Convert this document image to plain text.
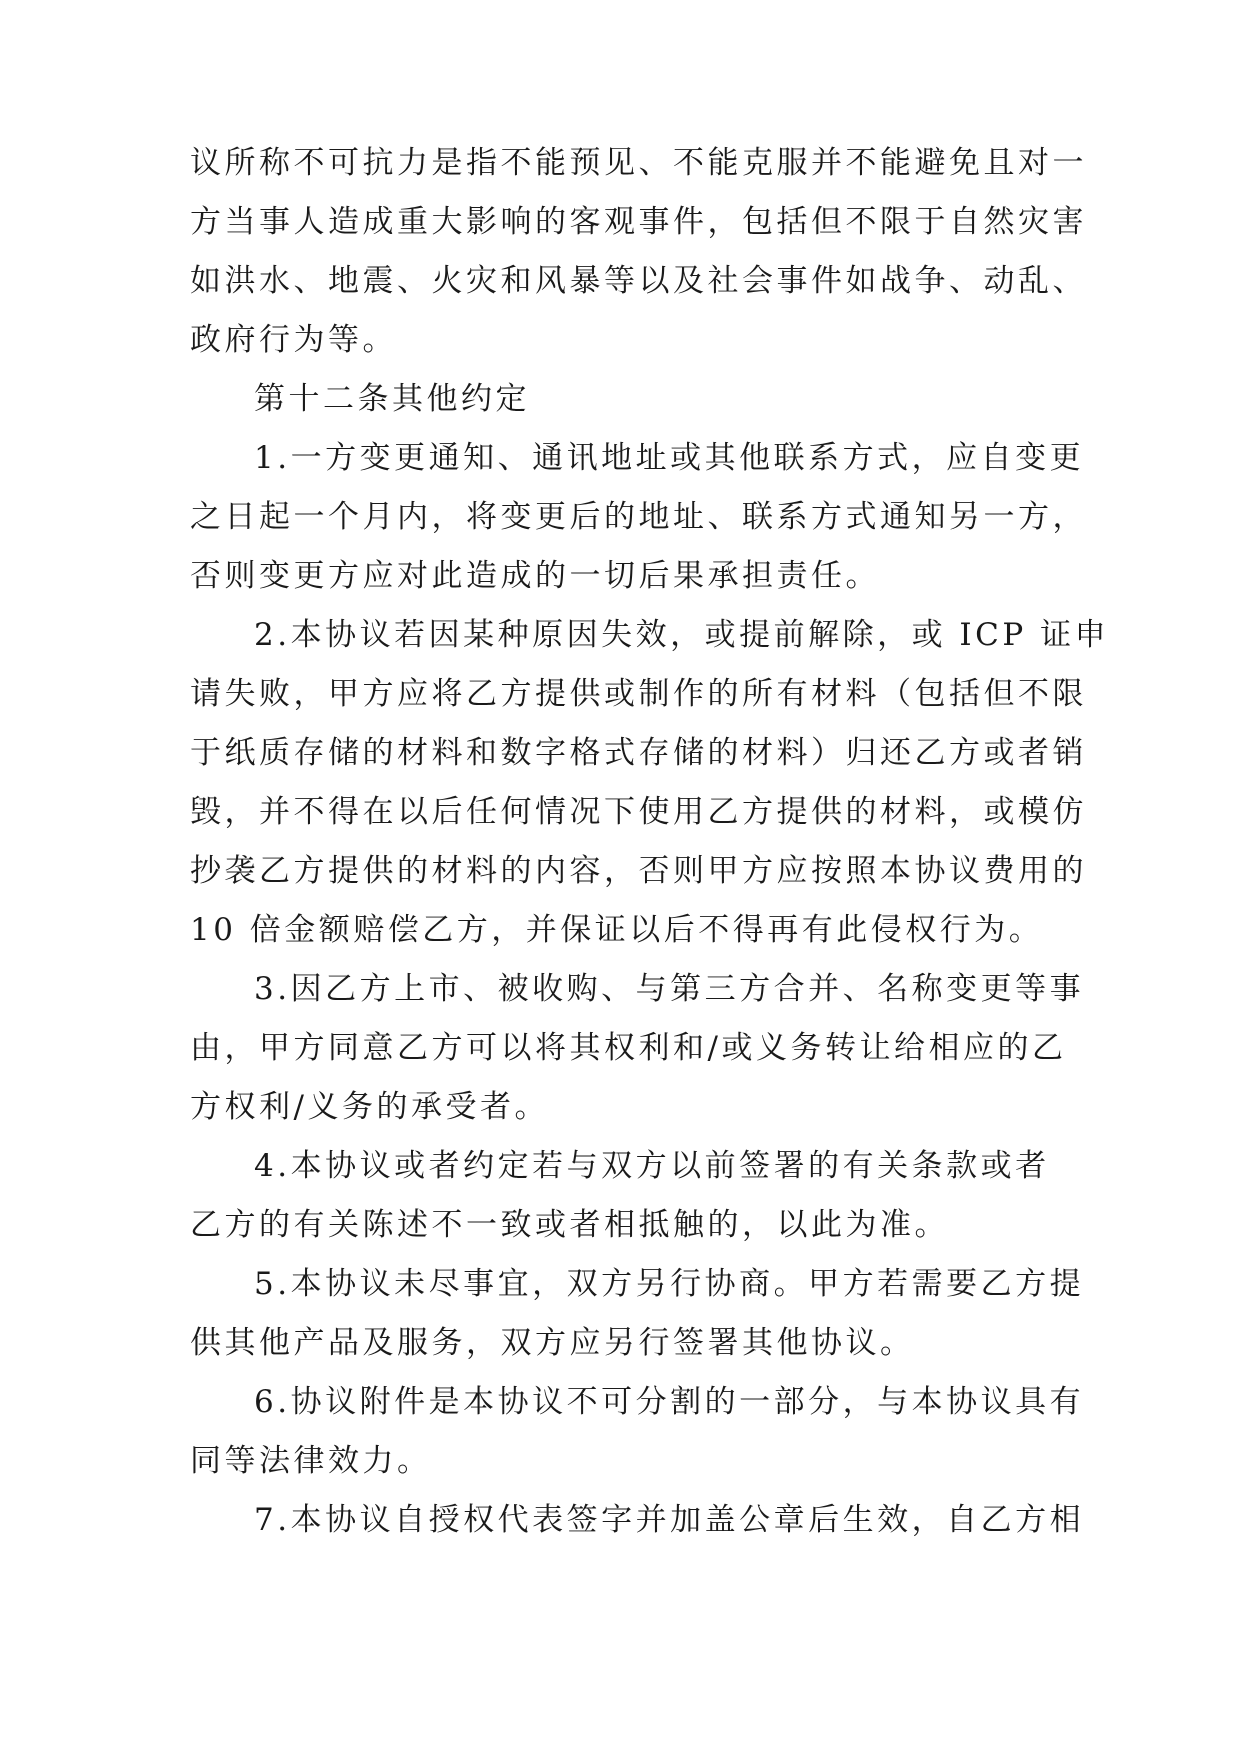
议所称不可抗力是指不能预见、不能克服并不能避免且对一
方当事人造成重大影响的客观事件，包括但不限于自然灾害
如洪水、地震、火灾和风暴等以及社会事件如战争、动乱、
政府行为等。
第十二条其他约定
1.一方变更通知、通讯地址或其他联系方式，应自变更
之日起一个月内，将变更后的地址、联系方式通知另一方，
否则变更方应对此造成的一切后果承担责任。
2.本协议若因某种原因失效，或提前解除，或 ICP 证申
请失败，甲方应将乙方提供或制作的所有材料（包括但不限
于纸质存储的材料和数字格式存储的材料）归还乙方或者销
毁，并不得在以后任何情况下使用乙方提供的材料，或模仿
抄袭乙方提供的材料的内容，否则甲方应按照本协议费用的
10 倍金额赔偿乙方，并保证以后不得再有此侵权行为。
3.因乙方上市、被收购、与第三方合并、名称变更等事
由，甲方同意乙方可以将其权利和/或义务转让给相应的乙
方权利/义务的承受者。
4.本协议或者约定若与双方以前签署的有关条款或者
乙方的有关陈述不一致或者相抵触的，以此为准。
5.本协议未尽事宜，双方另行协商。甲方若需要乙方提
供其他产品及服务，双方应另行签署其他协议。
6.协议附件是本协议不可分割的一部分，与本协议具有
同等法律效力。
7.本协议自授权代表签字并加盖公章后生效，自乙方相
